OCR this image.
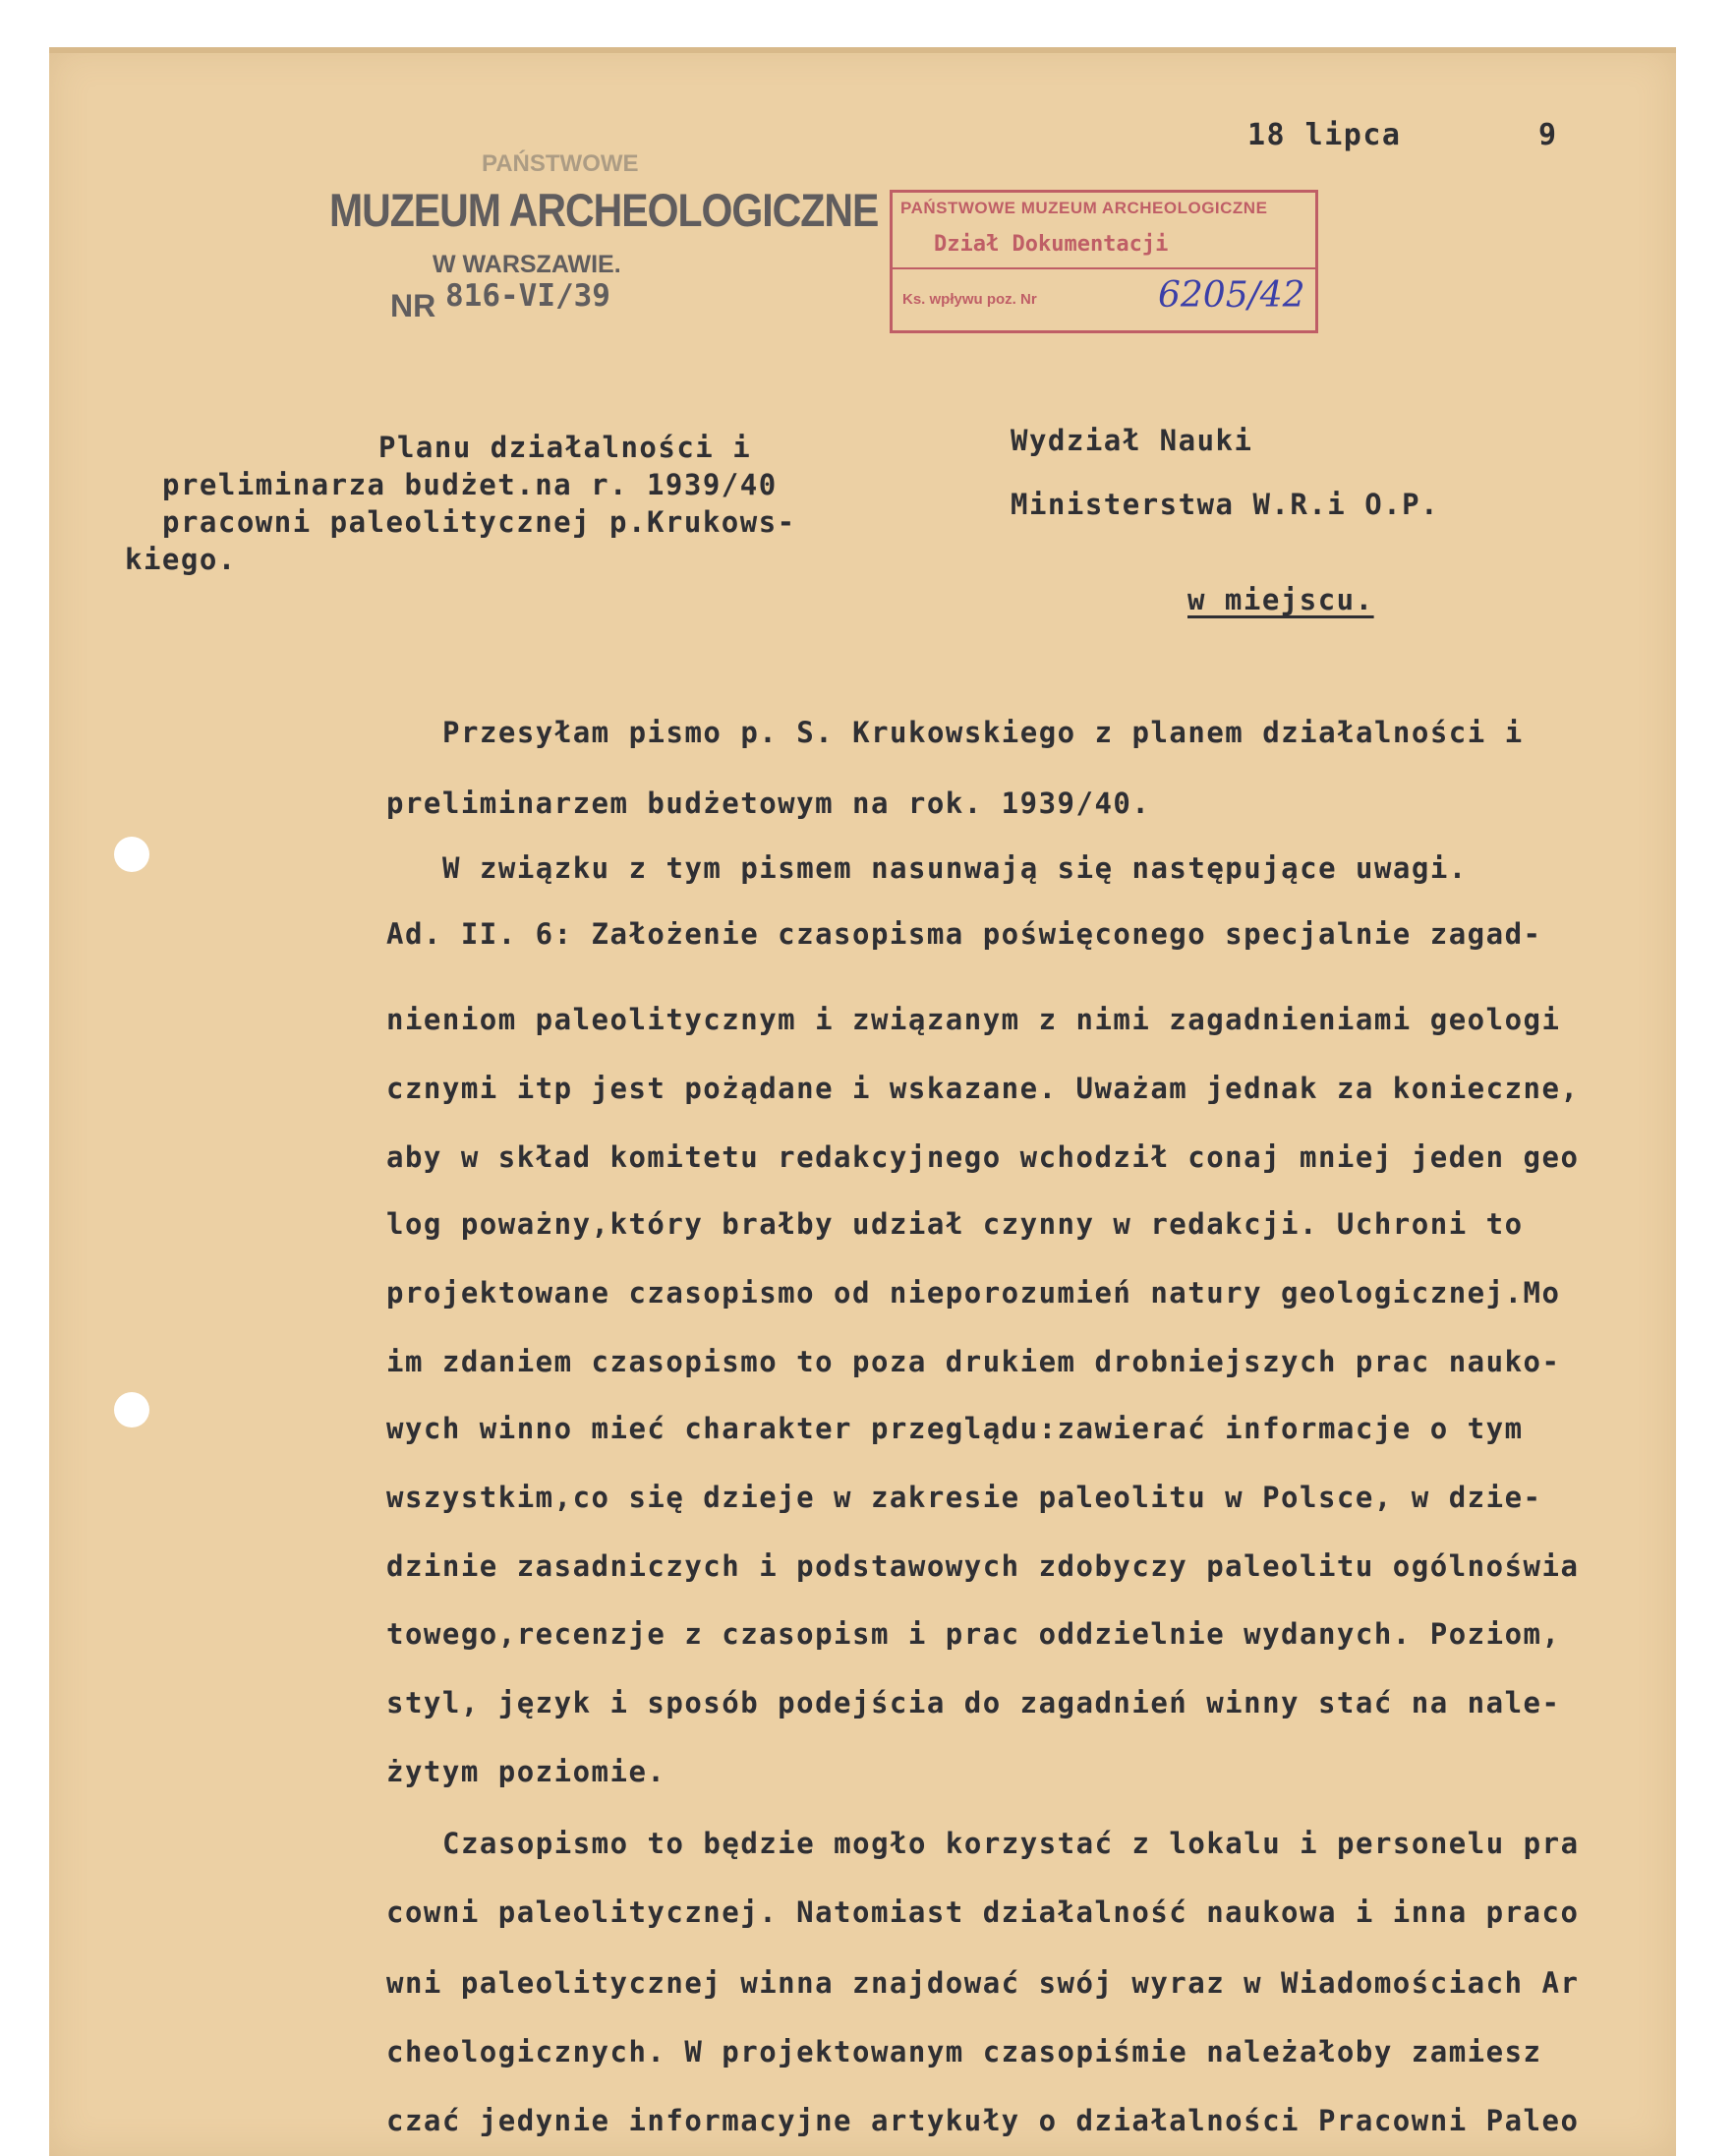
18 lipca	9
PAŃSTWOWE
MUZEUM ARCHEOLOGICZNE
W WARSZAWIE.
NR 816-VI/39
PAŃSTWOWE MUZEUM ARCHEOLOGICZNE
Dział Dokumentacji
Ks. wpływu poz. Nr	6205/42
Planu działalności i
preliminarza budżet.na r. 1939/40
pracowni paleolitycznej p.Krukows-
kiego.
Wydział Nauki
Ministerstwa W.R.i O.P.
w miejscu.
Przesyłam pismo p. S. Krukowskiego z planem działalności i
preliminarzem budżetowym na rok. 1939/40.
W związku z tym pismem nasunwają się następujące uwagi.
Ad. II. 6: Założenie czasopisma poświęconego specjalnie zagad-
nieniom paleolitycznym i związanym z nimi zagadnieniami geologi
cznymi itp jest pożądane i wskazane. Uważam jednak za konieczne,
aby w skład komitetu redakcyjnego wchodził conaj mniej jeden geo
log poważny,który brałby udział czynny w redakcji. Uchroni to
projektowane czasopismo od nieporozumień natury geologicznej.Mo
im zdaniem czasopismo to poza drukiem drobniejszych prac nauko-
wych winno mieć charakter przeglądu:zawierać informacje o tym
wszystkim,co się dzieje w zakresie paleolitu w Polsce, w dzie-
dzinie zasadniczych i podstawowych zdobyczy paleolitu ogólnoświa
towego,recenzje z czasopism i prac oddzielnie wydanych. Poziom,
styl, język i sposób podejścia do zagadnień winny stać na nale-
żytym poziomie.
Czasopismo to będzie mogło korzystać z lokalu i personelu pra
cowni paleolitycznej. Natomiast działalność naukowa i inna praco
wni paleolitycznej winna znajdować swój wyraz w Wiadomościach Ar
cheologicznych. W projektowanym czasopiśmie należałoby zamiesz
czać jedynie informacyjne artykuły o działalności Pracowni Paleo
